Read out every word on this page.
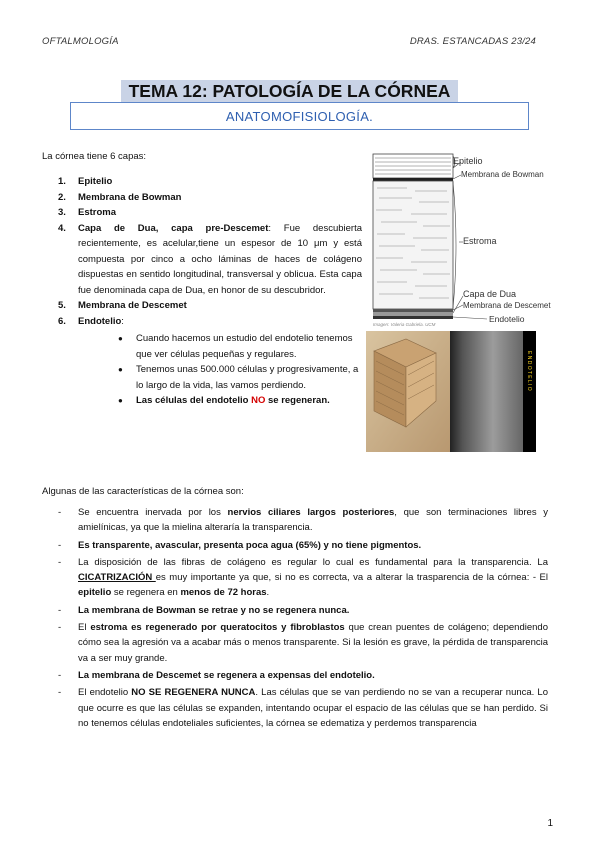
OFTALMOLOGÍA	DRAS. ESTANCADAS 23/24
TEMA 12: PATOLOGÍA DE LA CÓRNEA
ANATOMOFISIOLOGÍA.
La córnea tiene 6 capas:
1. Epitelio
2. Membrana de Bowman
3. Estroma
4. Capa de Dua, capa pre-Descemet: Fue descubierta recientemente, es acelular,tiene un espesor de 10 μm y está compuesta por cinco a ocho láminas de haces de colágeno dispuestas en sentido longitudinal, transversal y oblicua. Esta capa fue denominada capa de Dua, en honor de su descubridor.
5. Membrana de Descemet
6. Endotelio:
● Cuando hacemos un estudio del endotelio tenemos que ver células pequeñas y regulares.
● Tenemos unas 500.000 células y progresivamente, a lo largo de la vida, las vamos perdiendo.
● Las células del endotelio NO se regeneran.
Epitelio
Membrana de Bowman
Estroma
Capa de Dua
Membrana de Descemet
Endotelio
Imagen: Valeria Gabriela. UCM
E N D O T E L I O
Algunas de las características de la córnea son:
- Se encuentra inervada por los nervios ciliares largos posteriores, que son terminaciones libres y amielínicas, ya que la mielina alteraría la transparencia.
- Es transparente, avascular, presenta poca agua (65%) y no tiene pigmentos.
- La disposición de las fibras de colágeno es regular lo cual es fundamental para la transparencia. La CICATRIZACIÓN es muy importante ya que, si no es correcta, va a alterar la trasparencia de la córnea: - El epitelio se regenera en menos de 72 horas.
- La membrana de Bowman se retrae y no se regenera nunca.
- El estroma es regenerado por queratocitos y fibroblastos que crean puentes de colágeno; dependiendo cómo sea la agresión va a acabar más o menos transparente. Si la lesión es grave, la pérdida de transparencia va a ser muy grande.
- La membrana de Descemet se regenera a expensas del endotelio.
- El endotelio NO SE REGENERA NUNCA. Las células que se van perdiendo no se van a recuperar nunca. Lo que ocurre es que las células se expanden, intentando ocupar el espacio de las células que se han perdido. Si no tenemos células endoteliales suficientes, la córnea se edematiza y perdemos transparencia
1
